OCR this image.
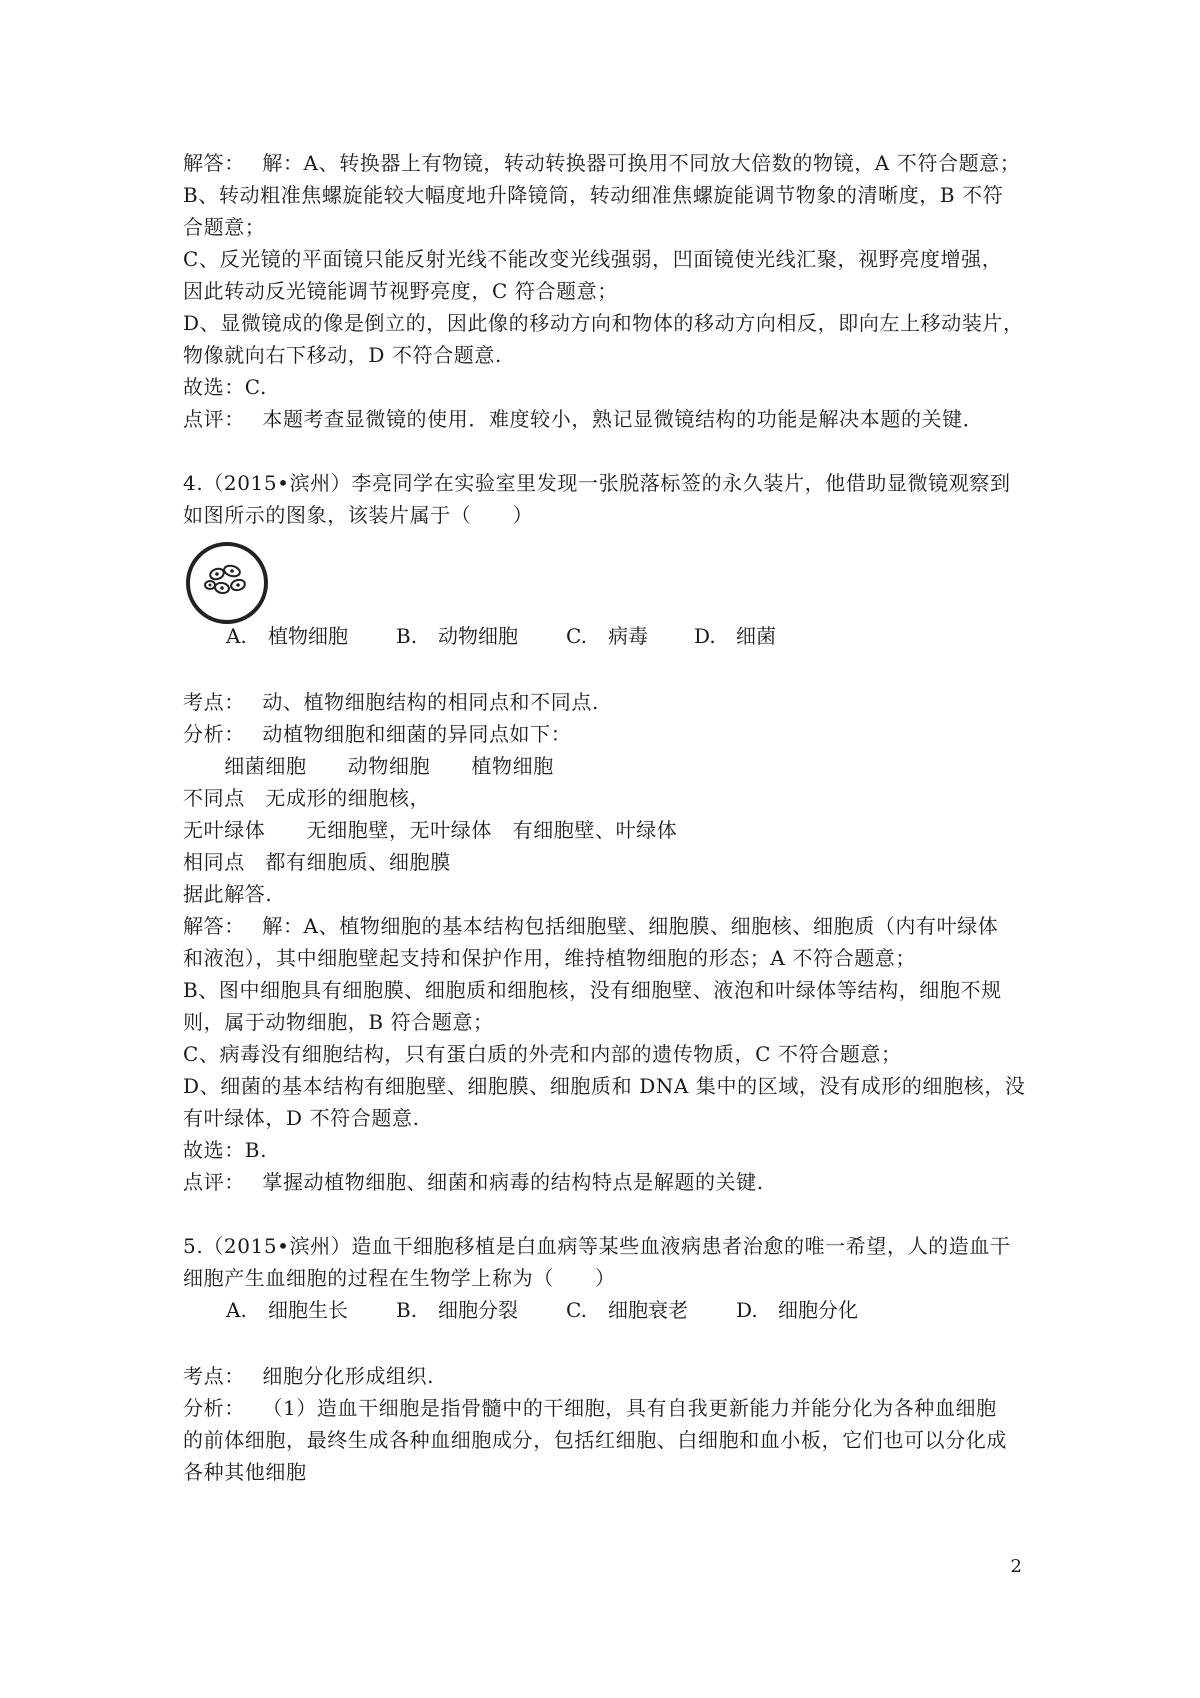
解答：　 解：A、转换器上有物镜，转动转换器可换用不同放大倍数的物镜，A 不符合题意；
B、转动粗准焦螺旋能较大幅度地升降镜筒，转动细准焦螺旋能调节物象的清晰度，B 不符
合题意；
C、反光镜的平面镜只能反射光线不能改变光线强弱，凹面镜使光线汇聚，视野亮度增强，
因此转动反光镜能调节视野亮度，C 符合题意；
D、显微镜成的像是倒立的，因此像的移动方向和物体的移动方向相反，即向左上移动装片，
物像就向右下移动，D 不符合题意.
故选：C.
点评：　 本题考查显微镜的使用．难度较小，熟记显微镜结构的功能是解决本题的关键．
4.（2015•滨州）李亮同学在实验室里发现一张脱落标签的永久装片，他借助显微镜观察到
如图所示的图象，该装片属于（　　）
A. 植物细胞 B. 动物细胞 C. 病毒 D. 细菌
考点：　 动、植物细胞结构的相同点和不同点.
分析：　 动植物细胞和细菌的异同点如下：
　　细菌细胞　　动物细胞　　植物细胞
不同点　无成形的细胞核，
无叶绿体　　无细胞壁，无叶绿体　有细胞壁、叶绿体
相同点　都有细胞质、细胞膜
据此解答.
解答：　 解：A、植物细胞的基本结构包括细胞壁、细胞膜、细胞核、细胞质（内有叶绿体
和液泡），其中细胞壁起支持和保护作用，维持植物细胞的形态；A 不符合题意；
B、图中细胞具有细胞膜、细胞质和细胞核，没有细胞壁、液泡和叶绿体等结构，细胞不规
则，属于动物细胞，B 符合题意；
C、病毒没有细胞结构，只有蛋白质的外壳和内部的遗传物质，C 不符合题意；
D、细菌的基本结构有细胞壁、细胞膜、细胞质和 DNA 集中的区域，没有成形的细胞核，没
有叶绿体，D 不符合题意.
故选：B.
点评：　 掌握动植物细胞、细菌和病毒的结构特点是解题的关键.
5.（2015•滨州）造血干细胞移植是白血病等某些血液病患者治愈的唯一希望，人的造血干
细胞产生血细胞的过程在生物学上称为（　　）
A. 细胞生长 B. 细胞分裂 C. 细胞衰老 D. 细胞分化
考点：　 细胞分化形成组织.
分析：　 （1）造血干细胞是指骨髓中的干细胞，具有自我更新能力并能分化为各种血细胞
的前体细胞，最终生成各种血细胞成分，包括红细胞、白细胞和血小板，它们也可以分化成
各种其他细胞
2
